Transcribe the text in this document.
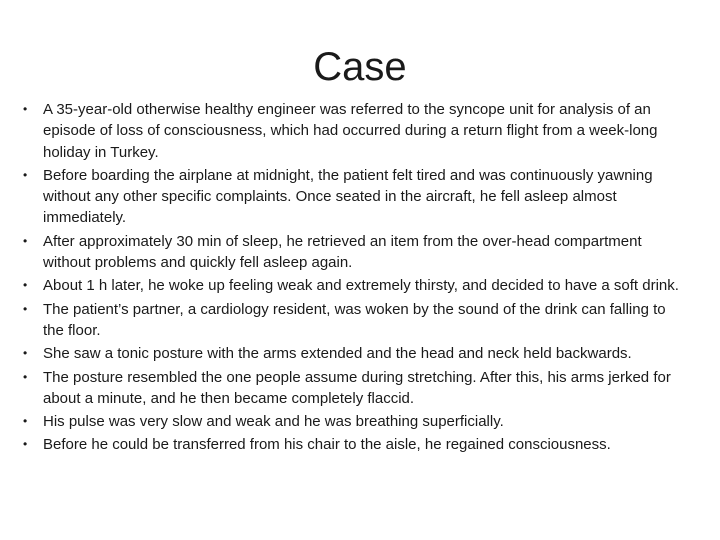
Case
•	A 35-year-old otherwise healthy engineer was referred to the syncope unit for analysis of an episode of loss of consciousness, which had occurred during a return flight from a week-long holiday in Turkey.
•	Before boarding the airplane at midnight, the patient felt tired and was continuously yawning without any other specific complaints. Once seated in the aircraft, he fell asleep almost immediately.
•	After approximately 30 min of sleep, he retrieved an item from the over-head compartment without problems and quickly fell asleep again.
•	About 1 h later, he woke up feeling weak and extremely thirsty, and decided to have a soft drink.
•	The patient’s partner, a cardiology resident, was woken by the sound of the drink can falling to the floor.
•	She saw a tonic posture with the arms extended and the head and neck held backwards.
•	The posture resembled the one people assume during stretching. After this, his arms jerked for about a minute, and he then became completely flaccid.
•	His pulse was very slow and weak and he was breathing superficially.
•	Before he could be transferred from his chair to the aisle, he regained consciousness.
